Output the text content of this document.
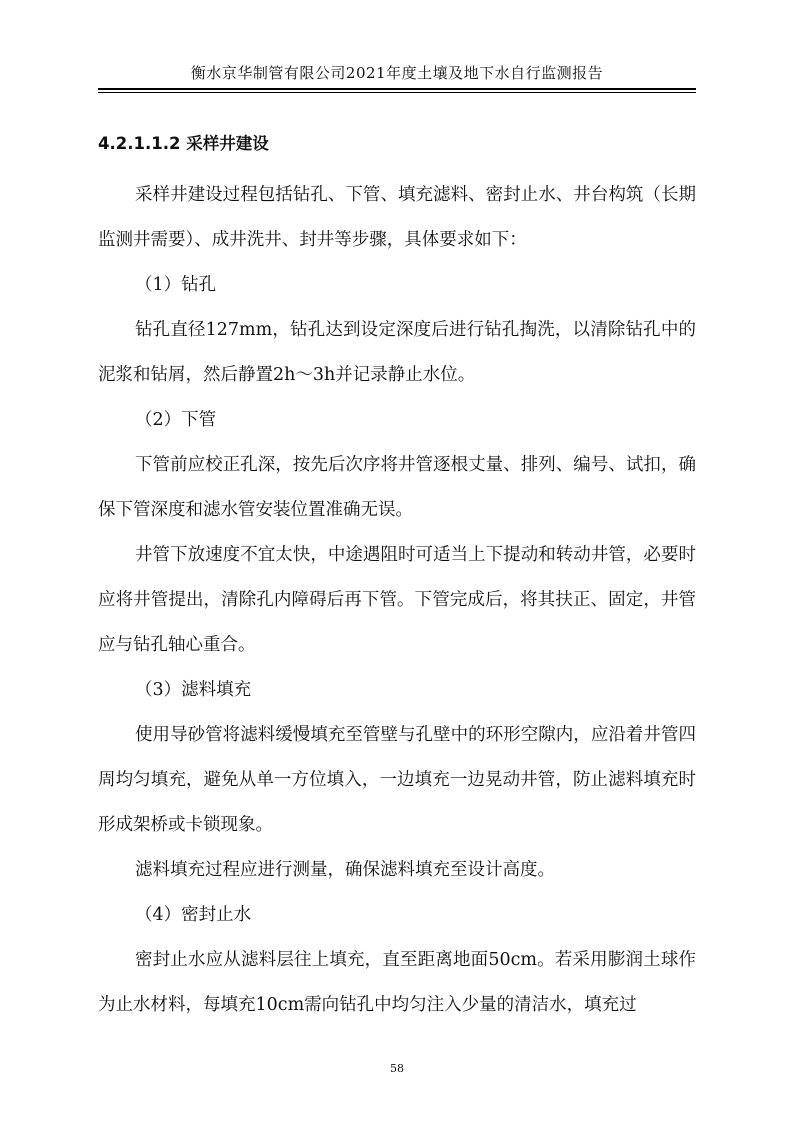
衡水京华制管有限公司2021年度土壤及地下水自行监测报告
4.2.1.1.2 采样井建设

采样井建设过程包括钻孔、下管、填充滤料、密封止水、井台构筑（长期监测井需要）、成井洗井、封井等步骤，具体要求如下：

（1）钻孔

钻孔直径127mm，钻孔达到设定深度后进行钻孔掏洗，以清除钻孔中的泥浆和钻屑，然后静置2h～3h并记录静止水位。

（2）下管

下管前应校正孔深，按先后次序将井管逐根丈量、排列、编号、试扣，确保下管深度和滤水管安装位置准确无误。

井管下放速度不宜太快，中途遇阻时可适当上下提动和转动井管，必要时应将井管提出，清除孔内障碍后再下管。下管完成后，将其扶正、固定，井管应与钻孔轴心重合。

（3）滤料填充

使用导砂管将滤料缓慢填充至管壁与孔壁中的环形空隙内，应沿着井管四周均匀填充，避免从单一方位填入，一边填充一边晃动井管，防止滤料填充时形成架桥或卡锁现象。

滤料填充过程应进行测量，确保滤料填充至设计高度。

（4）密封止水

密封止水应从滤料层往上填充，直至距离地面50cm。若采用膨润土球作为止水材料，每填充10cm需向钻孔中均匀注入少量的清洁水，填充过

58
